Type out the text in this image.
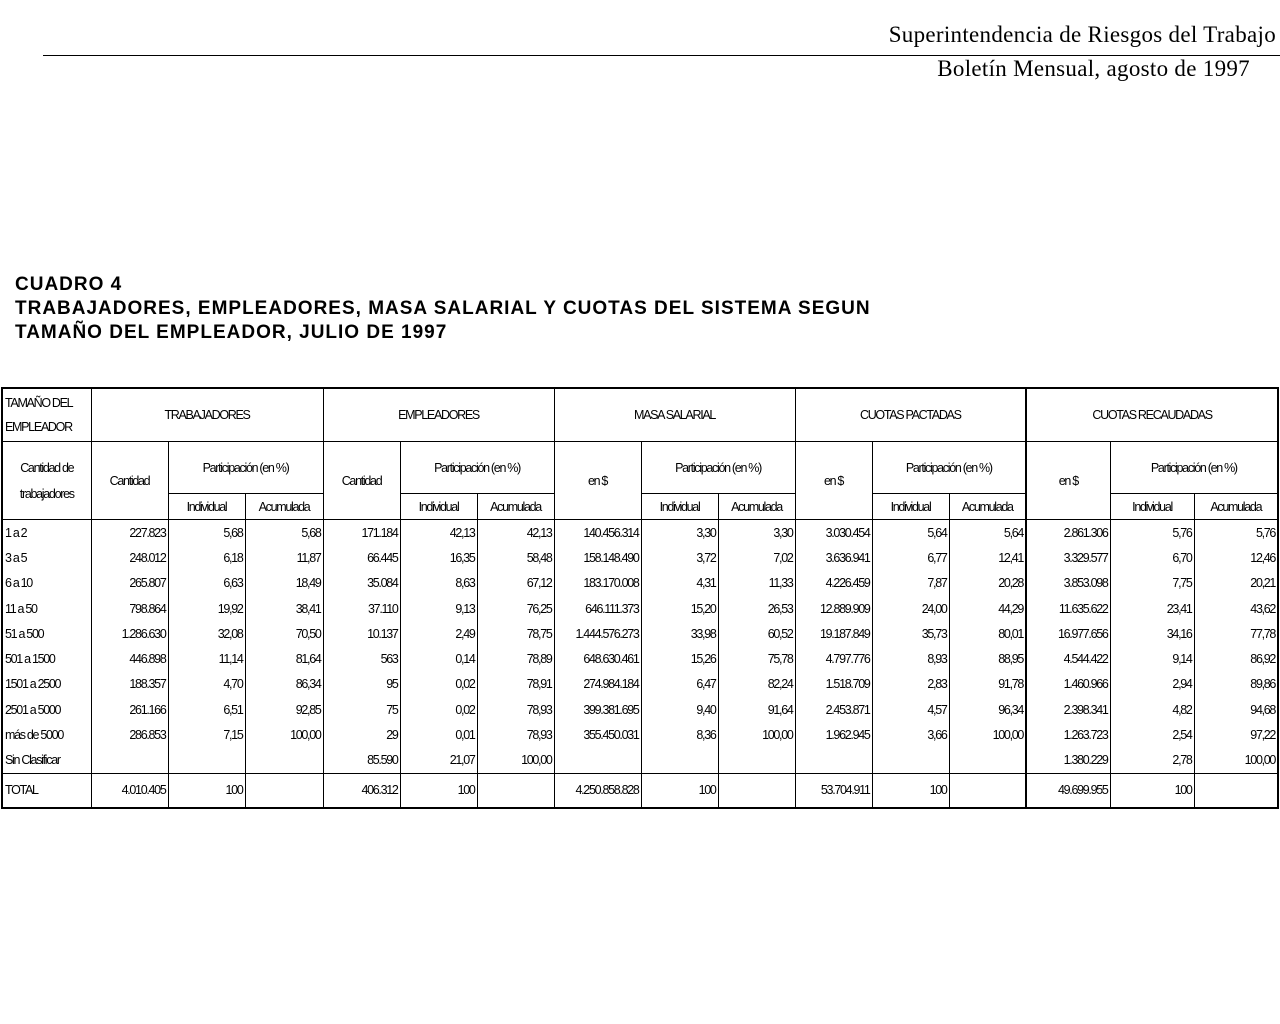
Superintendencia de Riesgos del Trabajo
Boletín Mensual, agosto de 1997
CUADRO 4
TRABAJADORES, EMPLEADORES, MASA SALARIAL Y CUOTAS DEL SISTEMA SEGUN
TAMAÑO DEL EMPLEADOR, JULIO DE 1997
TAMAÑO DEL EMPLEADOR	TRABAJADORES			EMPLEADORES			MASA SALARIAL			CUOTAS PACTADAS			CUOTAS RECAUDADAS		
Cantidad de trabajadores	Cantidad	Participación (en %)		Cantidad	Participación (en %)		en $	Participación (en %)		en $	Participación (en %)		en $	Participación (en %)	
		Individual	Acumulada		Individual	Acumulada		Individual	Acumulada		Individual	Acumulada		Individual	Acumulada
1 a 2	227.823	5,68	5,68	171.184	42,13	42,13	140.456.314	3,30	3,30	3.030.454	5,64	5,64	2.861.306	5,76	5,76
3 a 5	248.012	6,18	11,87	66.445	16,35	58,48	158.148.490	3,72	7,02	3.636.941	6,77	12,41	3.329.577	6,70	12,46
6 a 10	265.807	6,63	18,49	35.084	8,63	67,12	183.170.008	4,31	11,33	4.226.459	7,87	20,28	3.853.098	7,75	20,21
11 a 50	798.864	19,92	38,41	37.110	9,13	76,25	646.111.373	15,20	26,53	12.889.909	24,00	44,29	11.635.622	23,41	43,62
51 a 500	1.286.630	32,08	70,50	10.137	2,49	78,75	1.444.576.273	33,98	60,52	19.187.849	35,73	80,01	16.977.656	34,16	77,78
501 a 1500	446.898	11,14	81,64	563	0,14	78,89	648.630.461	15,26	75,78	4.797.776	8,93	88,95	4.544.422	9,14	86,92
1501 a 2500	188.357	4,70	86,34	95	0,02	78,91	274.984.184	6,47	82,24	1.518.709	2,83	91,78	1.460.966	2,94	89,86
2501 a 5000	261.166	6,51	92,85	75	0,02	78,93	399.381.695	9,40	91,64	2.453.871	4,57	96,34	2.398.341	4,82	94,68
más de 5000	286.853	7,15	100,00	29	0,01	78,93	355.450.031	8,36	100,00	1.962.945	3,66	100,00	1.263.723	2,54	97,22
Sin Clasificar				85.590	21,07	100,00							1.380.229	2,78	100,00
TOTAL	4.010.405	100		406.312	100		4.250.858.828	100		53.704.911	100		49.699.955	100	
